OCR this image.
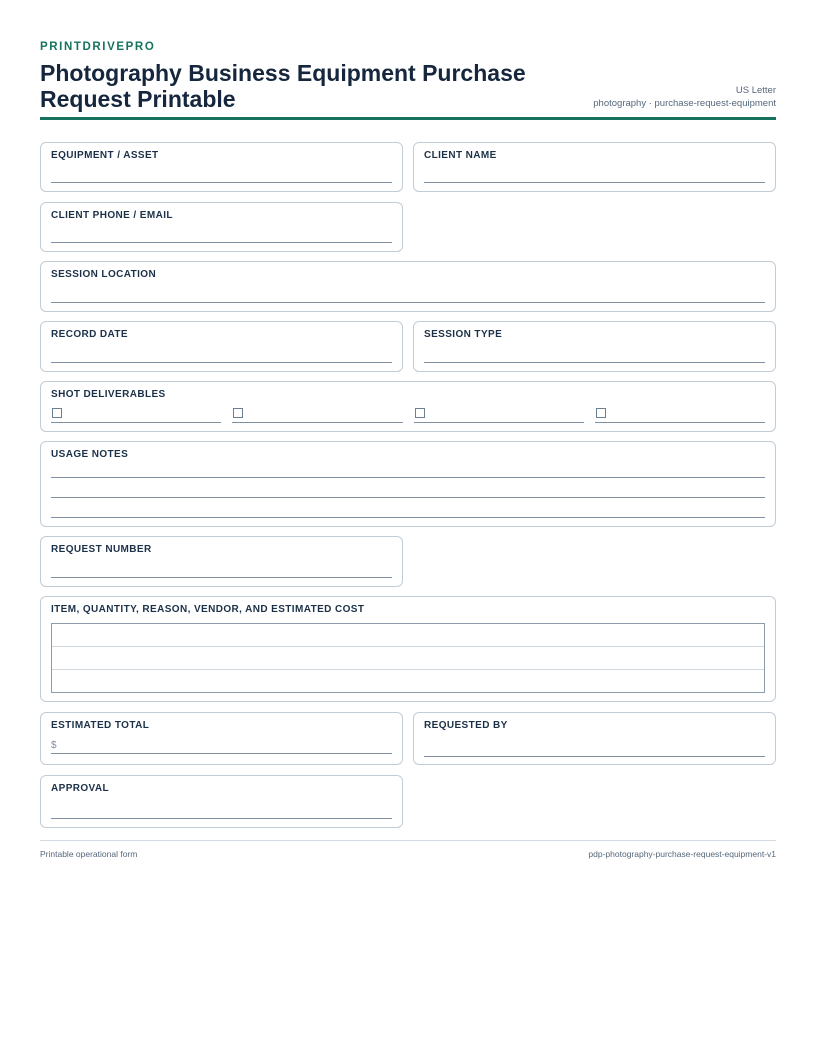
PRINTDRIVEPRO
Photography Business Equipment Purchase Request Printable	US Letter
photography · purchase-request-equipment
EQUIPMENT / ASSET	CLIENT NAME
CLIENT PHONE / EMAIL
SESSION LOCATION
RECORD DATE	SESSION TYPE
SHOT DELIVERABLES
USAGE NOTES
REQUEST NUMBER
ITEM, QUANTITY, REASON, VENDOR, AND ESTIMATED COST
ESTIMATED TOTAL
$
REQUESTED BY
APPROVAL
Printable operational form	pdp-photography-purchase-request-equipment-v1
